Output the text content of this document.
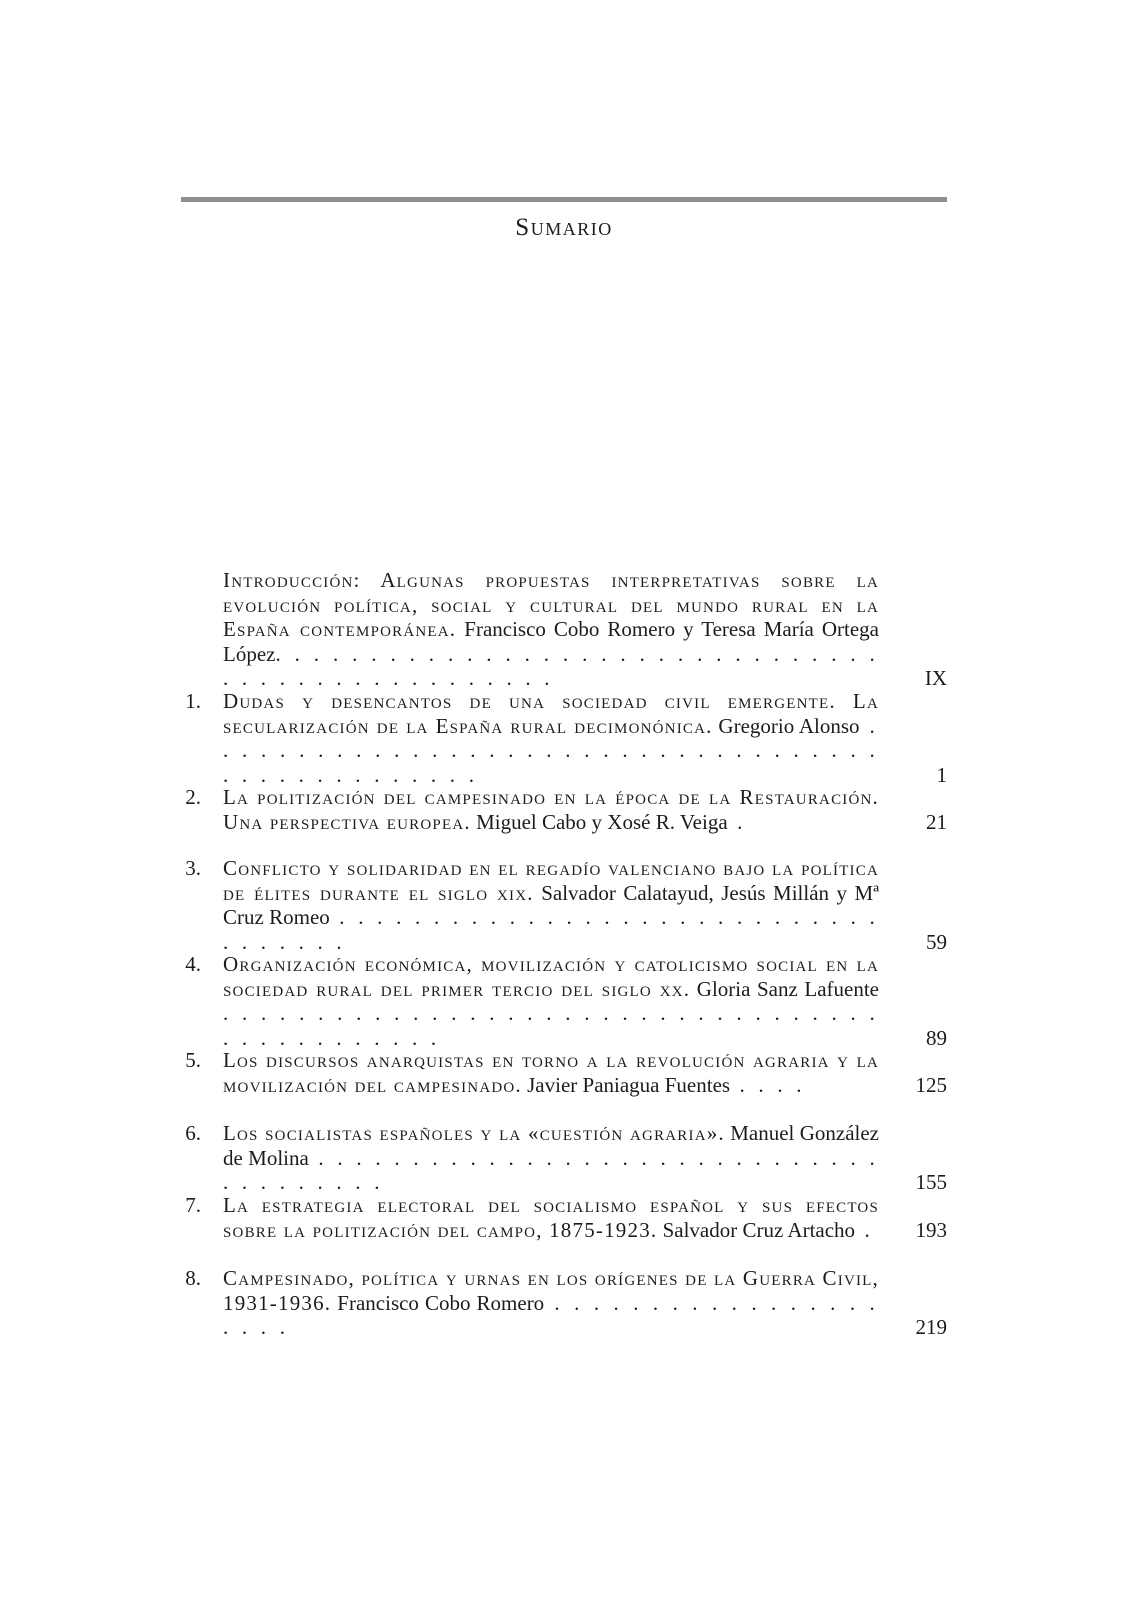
Sumario
Introducción: Algunas propuestas interpretativas sobre la evolución política, social y cultural del mundo rural en la España contemporánea. Francisco Cobo Romero y Teresa María Ortega López. . . . . . . . . . . . . . . . . . . . . . . . . . . . . . . . . . . . . . . . . . . . . . . . . .	IX
1. Dudas y desencantos de una sociedad civil emergente. La secularización de la España rural decimonónica. Gregorio Alonso . . . . . . . . . . . . . . . . . . . . . . . . . . . . . . . . . . . . . . . . . . . . . . . . . .	1
2. La politización del campesinado en la época de la Restauración. Una perspectiva europea. Miguel Cabo y Xosé R. Veiga .	21
3. Conflicto y solidaridad en el regadío valenciano bajo la política de élites durante el siglo xix. Salvador Calatayud, Jesús Millán y Mª Cruz Romeo . . . . . . . . . . . . . . . . . . . . . . . . . . . . . . . . . . . .	59
4. Organización económica, movilización y catolicismo social en la sociedad rural del primer tercio del siglo xx. Gloria Sanz Lafuente . . . . . . . . . . . . . . . . . . . . . . . . . . . . . . . . . . . . . . . . . . . . . . .	89
5. Los discursos anarquistas en torno a la revolución agraria y la movilización del campesinado. Javier Paniagua Fuentes . . . .	125
6. Los socialistas españoles y la «cuestión agraria». Manuel González de Molina . . . . . . . . . . . . . . . . . . . . . . . . . . . . . . . . . . . . . . .	155
7. La estrategia electoral del socialismo español y sus efectos sobre la politización del campo, 1875-1923. Salvador Cruz Artacho .	193
8. Campesinado, política y urnas en los orígenes de la Guerra Civil, 1931-1936. Francisco Cobo Romero . . . . . . . . . . . . . . . . . . . . .	219
